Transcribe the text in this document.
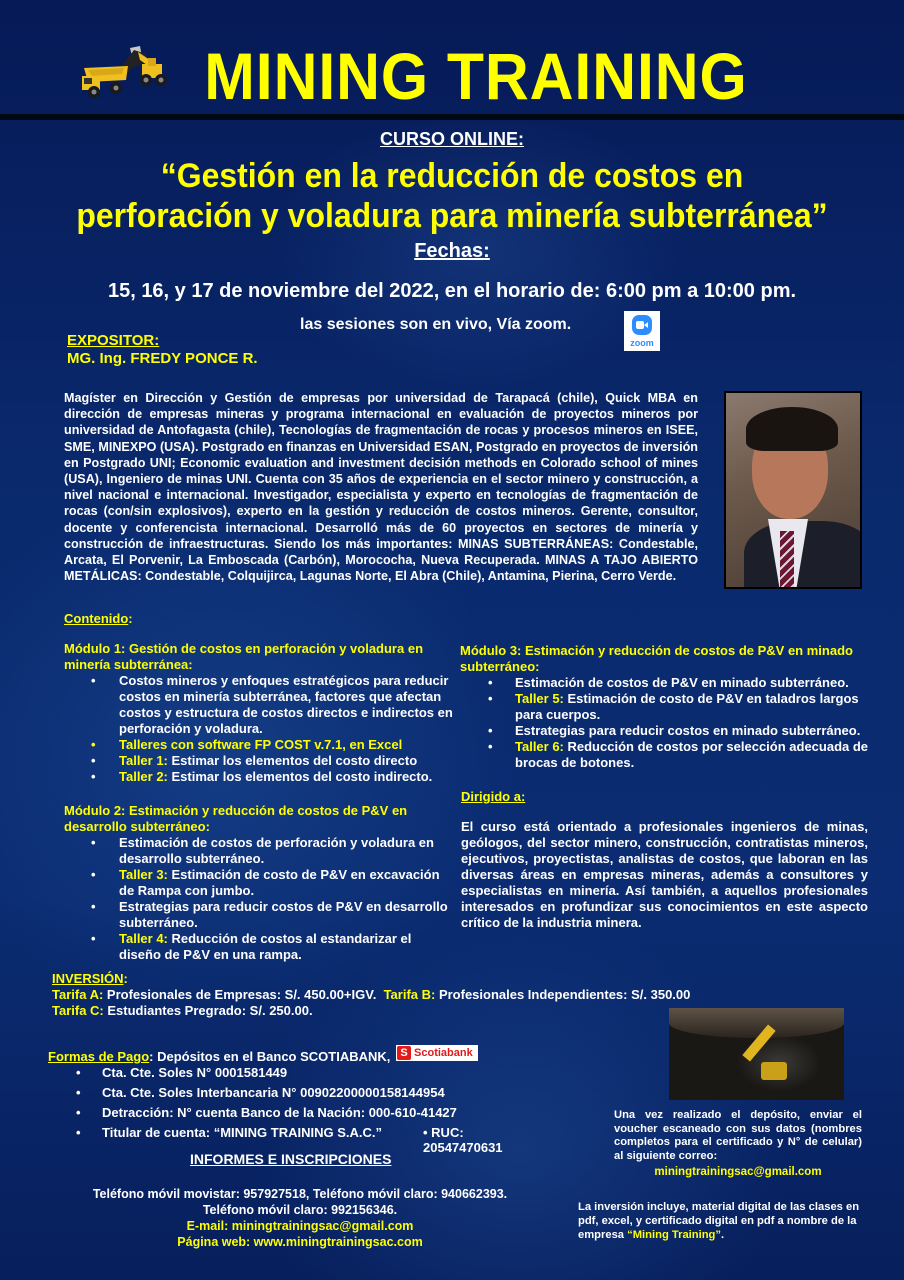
MINING TRAINING
CURSO ONLINE:
“Gestión en la reducción de costos en
perforación y voladura para minería subterránea”
Fechas:
15, 16, y 17 de noviembre del 2022, en el horario de: 6:00 pm a 10:00 pm.
las sesiones son en vivo, Vía zoom.
zoom
EXPOSITOR:
MG. Ing. FREDY PONCE R.
Magíster en Dirección y Gestión de empresas por universidad de Tarapacá (chile), Quick MBA en dirección de empresas mineras y programa internacional en evaluación de proyectos mineros por universidad de Antofagasta (chile), Tecnologías de fragmentación de rocas y procesos mineros en ISEE, SME, MINEXPO (USA). Postgrado en finanzas en Universidad ESAN, Postgrado en proyectos de inversión en Postgrado UNI; Economic evaluation and investment decisión methods en Colorado school of mines (USA), Ingeniero de minas UNI. Cuenta con 35 años de experiencia en el sector minero y construcción, a nivel nacional e internacional. Investigador, especialista y experto en tecnologías de fragmentación de rocas (con/sin explosivos), experto en la gestión y reducción de costos mineros. Gerente, consultor, docente y conferencista internacional. Desarrolló más de 60 proyectos en sectores de minería y construcción de infraestructuras. Siendo los más importantes: MINAS SUBTERRÁNEAS: Condestable, Arcata, El Porvenir, La Emboscada (Carbón), Morococha, Nueva Recuperada. MINAS A TAJO ABIERTO METÁLICAS: Condestable, Colquijirca, Lagunas Norte, El Abra (Chile), Antamina, Pierina, Cerro Verde.
Contenido:
Módulo 1: Gestión de costos en perforación y voladura en minería subterránea:
• Costos mineros y enfoques estratégicos para reducir costos en minería subterránea, factores que afectan costos y estructura de costos directos e indirectos en perforación y voladura.
• Talleres con software FP COST v.7.1, en Excel
• Taller 1: Estimar los elementos del costo directo
• Taller 2: Estimar los elementos del costo indirecto.
Módulo 2: Estimación y reducción de costos de P&V en desarrollo subterráneo:
• Estimación de costos de perforación y voladura en desarrollo subterráneo.
• Taller 3: Estimación de costo de P&V en excavación de Rampa con jumbo.
• Estrategias para reducir costos de P&V en desarrollo subterráneo.
• Taller 4: Reducción de costos al estandarizar el diseño de P&V en una rampa.
Módulo 3: Estimación y reducción de costos de P&V en minado subterráneo:
• Estimación de costos de P&V en minado subterráneo.
• Taller 5: Estimación de costo de P&V en taladros largos para cuerpos.
• Estrategias para reducir costos en minado subterráneo.
• Taller 6: Reducción de costos por selección adecuada de brocas de botones.
Dirigido a:
El curso está orientado a profesionales ingenieros de minas, geólogos, del sector minero, construcción, contratistas mineros, ejecutivos, proyectistas, analistas de costos, que laboran en las diversas áreas en empresas mineras, además a consultores y especialistas en minería. Así también, a aquellos profesionales interesados en profundizar sus conocimientos en este aspecto crítico de la industria minera.
INVERSIÓN:
Tarifa A: Profesionales de Empresas: S/. 450.00+IGV. Tarifa B: Profesionales Independientes: S/. 350.00
Tarifa C: Estudiantes Pregrado: S/. 250.00.
Formas de Pago: Depósitos en el Banco SCOTIABANK, S Scotiabank
• Cta. Cte. Soles N° 0001581449
• Cta. Cte. Soles Interbancaria N° 00902200000158144954
• Detracción: N° cuenta Banco de la Nación: 000-610-41427
• Titular de cuenta: “MINING TRAINING S.A.C.”	• RUC: 20547470631
INFORMES E INSCRIPCIONES
Teléfono móvil movistar: 957927518, Teléfono móvil claro: 940662393.
Teléfono móvil claro: 992156346.
E-mail: miningtrainingsac@gmail.com
Página web: www.miningtrainingsac.com
Una vez realizado el depósito, enviar el voucher escaneado con sus datos (nombres completos para el certificado y N° de celular) al siguiente correo:
miningtrainingsac@gmail.com
La inversión incluye, material digital de las clases en pdf, excel, y certificado digital en pdf a nombre de la empresa “Mining Training”.
